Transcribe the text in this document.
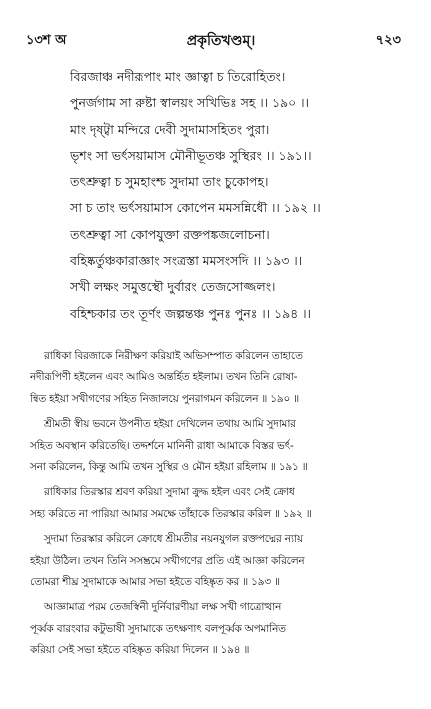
১৩শ অ	প্রকৃতিখণ্ডম্।	৭২৩
বিরজাঞ্চ নদীরূপাং মাং জ্ঞাত্বা চ তিরোহিতং।
পুনর্জগাম সা রুষ্টা স্বালয়ং সখিভিঃ সহ ।। ১৯০ ।।
মাং দৃষ্ট্বা মন্দিরে দেবী সুদামাসহিতং পুরা।
ভৃশং সা ভর্ৎসয়ামাস মৌনীভূতঞ্চ সুস্থিরং ।। ১৯১।।
তৎশ্রুত্বা চ সুমহাংশ্চ সুদামা তাং চুকোপহ।
সা চ তাং ভর্ৎসয়ামাস কোপেন মমসন্নিধৌ ।। ১৯২ ।।
তৎশ্রুত্বা সা কোপযুক্তা রক্তপঙ্কজলোচনা।
বহিষ্কর্তুঞ্চকারাজ্ঞাং সংত্রস্তা মমসংসদি ।। ১৯৩ ।।
সখী লক্ষং সমুত্তস্থৌ দুর্বারং তেজসোজ্জলং।
বহিশ্চকার তং তূর্ণং জল্পন্তঞ্চ পুনঃ পুনঃ ।। ১৯৪ ।।
রাধিকা বিরজাকে নিরীক্ষণ করিয়াই অভিসম্পাত করিলেন তাহাতে
নদীরূপিণী হইলেন এবং আমিও অন্তর্হিত হইলাম। তখন তিনি রোষা-
ন্বিত হইয়া সখীগণের সহিত নিজালয়ে পুনরাগমন করিলেন ॥ ১৯০ ॥
শ্রীমতী স্বীয় ভবনে উপনীত হইয়া দেখিলেন তথায় আমি সুদামার
সহিত অবস্থান করিতেছি। তদ্দর্শনে মানিনী রাধা আমাকে বিস্তর ভর্ৎ-
সনা করিলেন, কিন্তু আমি তখন সুস্থির ও মৌন হইয়া রহিলাম ॥ ১৯১ ॥
রাধিকার তিরস্কার শ্রবণ করিয়া সুদামা ক্রুদ্ধ হইল এবং সেই ক্রোধ
সহ্য করিতে না পারিয়া আমার সমক্ষে তাঁহাকে তিরস্কার করিল ॥ ১৯২ ॥
সুদামা তিরস্কার করিলে ক্রোধে শ্রীমতীর নয়নযুগল রক্তপদ্মের ন্যায়
হইয়া উঠিল। তখন তিনি সসম্ভ্রমে সখীগণের প্রতি এই আজ্ঞা করিলেন
তোমরা শীঘ্র সুদামাকে আমার সভা হইতে বহিষ্কৃত কর ॥ ১৯৩ ॥
আজ্ঞামাত্র পরম তেজস্বিনী দুর্নিবারণীয়া লক্ষ সখী গাত্রোত্থান
পূর্ব্বক বারংবার কটুভাষী সুদামাকে তৎক্ষণাৎ বলপূর্ব্বক অপমানিত
করিয়া সেই সভা হইতে বহিষ্কৃত করিয়া দিলেন ॥ ১৯৪ ॥
